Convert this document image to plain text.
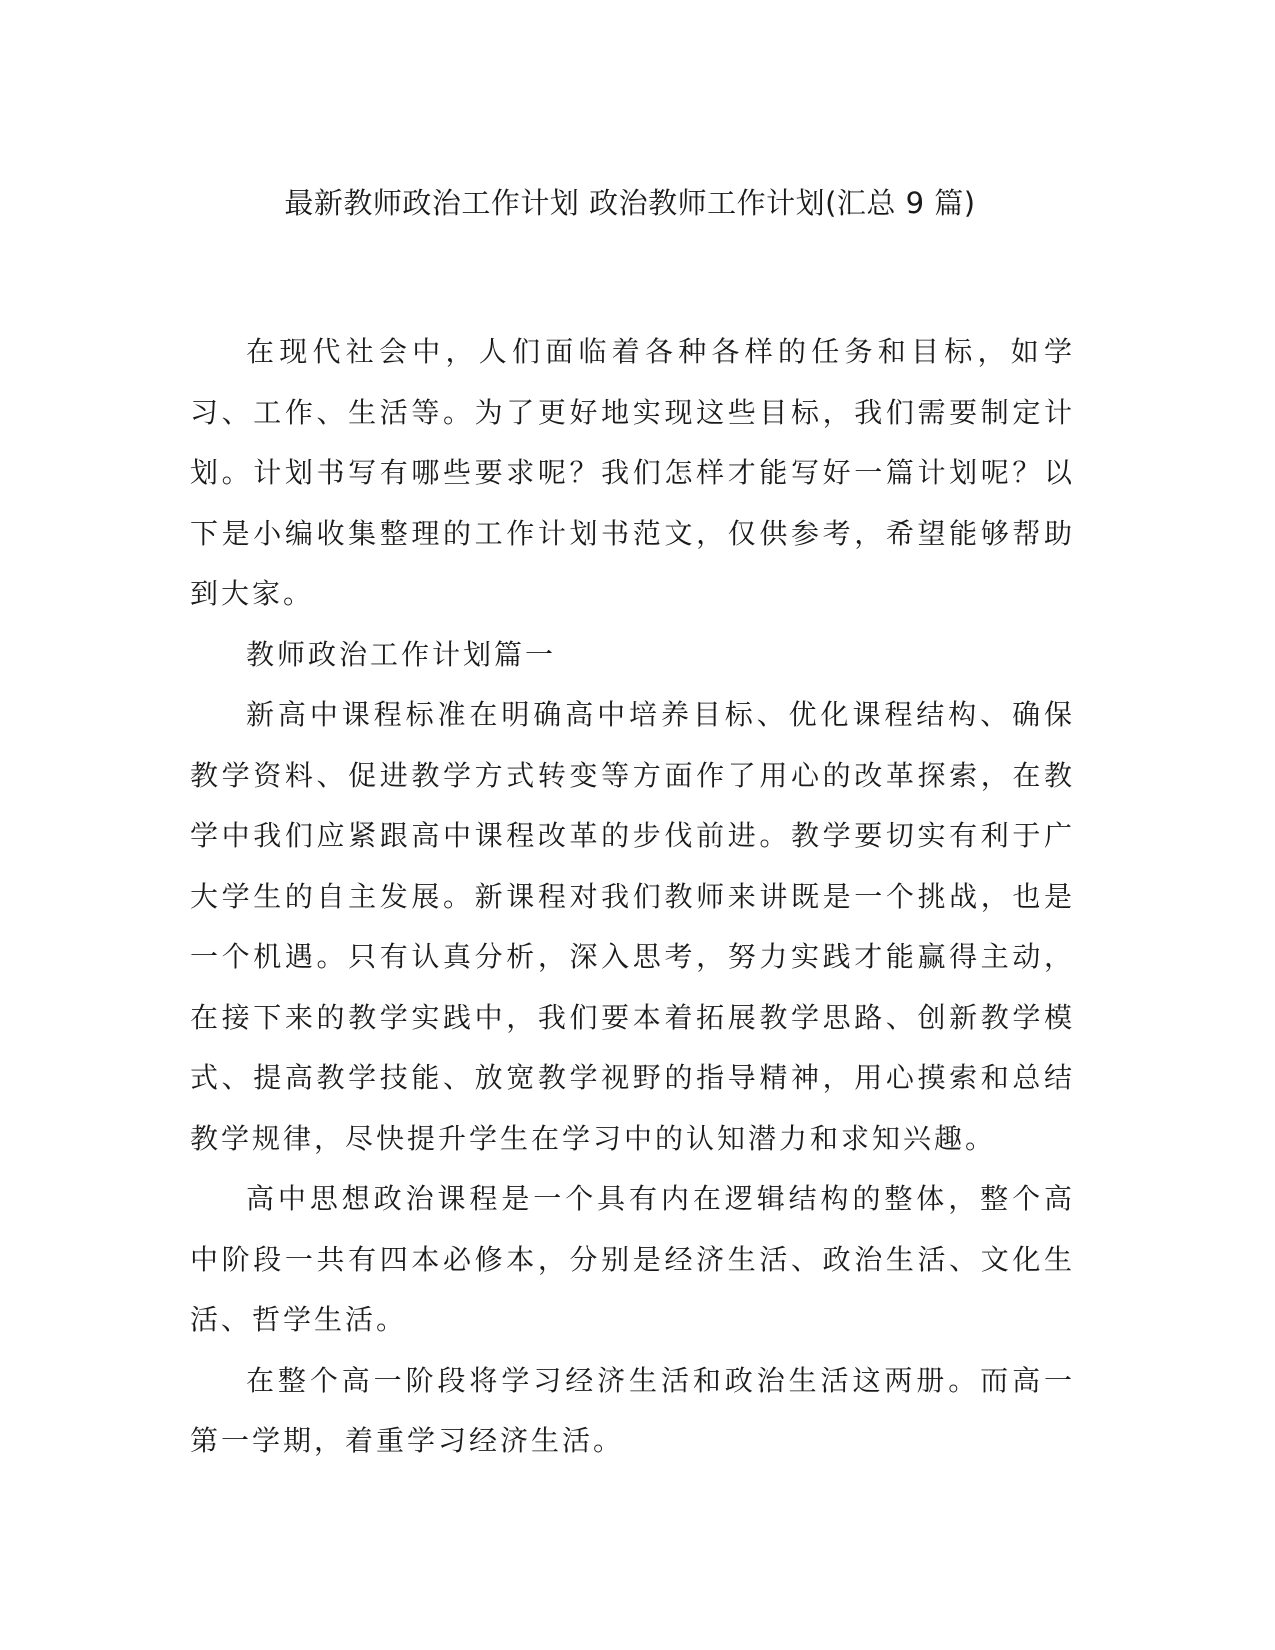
最新教师政治工作计划 政治教师工作计划(汇总 9 篇)

在现代社会中，人们面临着各种各样的任务和目标，如学习、工作、生活等。为了更好地实现这些目标，我们需要制定计划。计划书写有哪些要求呢？我们怎样才能写好一篇计划呢？以下是小编收集整理的工作计划书范文，仅供参考，希望能够帮助到大家。

教师政治工作计划篇一

新高中课程标准在明确高中培养目标、优化课程结构、确保教学资料、促进教学方式转变等方面作了用心的改革探索，在教学中我们应紧跟高中课程改革的步伐前进。教学要切实有利于广大学生的自主发展。新课程对我们教师来讲既是一个挑战，也是一个机遇。只有认真分析，深入思考，努力实践才能赢得主动，在接下来的教学实践中，我们要本着拓展教学思路、创新教学模式、提高教学技能、放宽教学视野的指导精神，用心摸索和总结教学规律，尽快提升学生在学习中的认知潜力和求知兴趣。

高中思想政治课程是一个具有内在逻辑结构的整体，整个高中阶段一共有四本必修本，分别是经济生活、政治生活、文化生活、哲学生活。

在整个高一阶段将学习经济生活和政治生活这两册。而高一第一学期，着重学习经济生活。
